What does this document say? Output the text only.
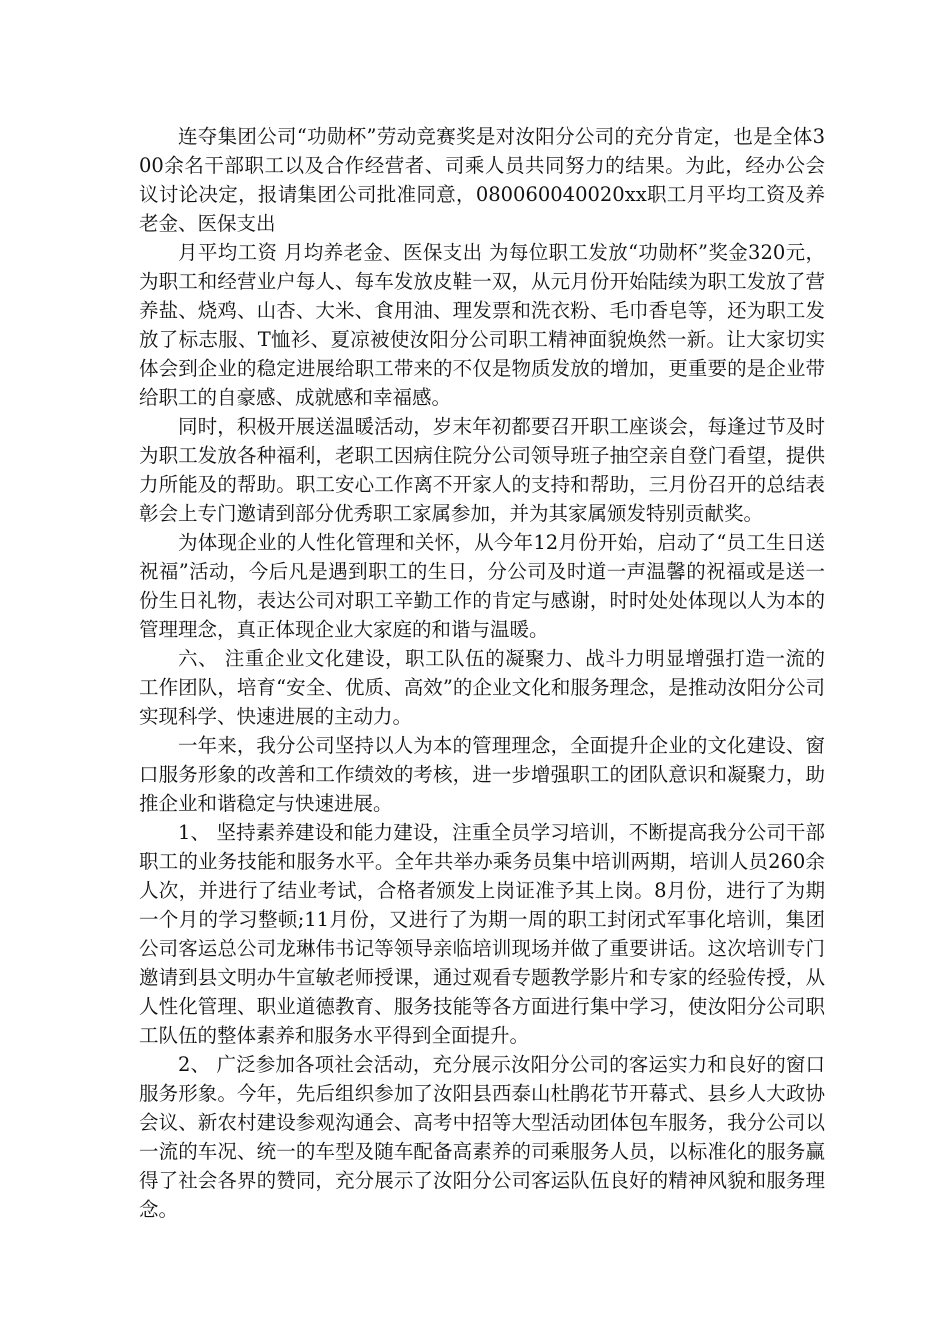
连夺集团公司“功勋杯”劳动竞赛奖是对汝阳分公司的充分肯定，也是全体300余名干部职工以及合作经营者、司乘人员共同努力的结果。为此，经办公会议讨论决定，报请集团公司批准同意，080060040020xx职工月平均工资及养老金、医保支出

月平均工资 月均养老金、医保支出 为每位职工发放“功勋杯”奖金320元，为职工和经营业户每人、每车发放皮鞋一双，从元月份开始陆续为职工发放了营养盐、烧鸡、山杏、大米、食用油、理发票和洗衣粉、毛巾香皂等，还为职工发放了标志服、T恤衫、夏凉被使汝阳分公司职工精神面貌焕然一新。让大家切实体会到企业的稳定进展给职工带来的不仅是物质发放的增加，更重要的是企业带给职工的自豪感、成就感和幸福感。

同时，积极开展送温暖活动，岁末年初都要召开职工座谈会，每逢过节及时为职工发放各种福利，老职工因病住院分公司领导班子抽空亲自登门看望，提供力所能及的帮助。职工安心工作离不开家人的支持和帮助，三月份召开的总结表彰会上专门邀请到部分优秀职工家属参加，并为其家属颁发特别贡献奖。

为体现企业的人性化管理和关怀，从今年12月份开始，启动了“员工生日送祝福”活动，今后凡是遇到职工的生日，分公司及时道一声温馨的祝福或是送一份生日礼物，表达公司对职工辛勤工作的肯定与感谢，时时处处体现以人为本的管理理念，真正体现企业大家庭的和谐与温暖。

六、 注重企业文化建设，职工队伍的凝聚力、战斗力明显增强打造一流的工作团队，培育“安全、优质、高效”的企业文化和服务理念，是推动汝阳分公司实现科学、快速进展的主动力。

一年来，我分公司坚持以人为本的管理理念，全面提升企业的文化建设、窗口服务形象的改善和工作绩效的考核，进一步增强职工的团队意识和凝聚力，助推企业和谐稳定与快速进展。

1、 坚持素养建设和能力建设，注重全员学习培训，不断提高我分公司干部职工的业务技能和服务水平。全年共举办乘务员集中培训两期，培训人员260余人次，并进行了结业考试，合格者颁发上岗证准予其上岗。8月份，进行了为期一个月的学习整顿;11月份，又进行了为期一周的职工封闭式军事化培训，集团公司客运总公司龙琳伟书记等领导亲临培训现场并做了重要讲话。这次培训专门邀请到县文明办牛宣敏老师授课，通过观看专题教学影片和专家的经验传授，从人性化管理、职业道德教育、服务技能等各方面进行集中学习，使汝阳分公司职工队伍的整体素养和服务水平得到全面提升。

2、 广泛参加各项社会活动，充分展示汝阳分公司的客运实力和良好的窗口服务形象。今年，先后组织参加了汝阳县西泰山杜鹃花节开幕式、县乡人大政协会议、新农村建设参观沟通会、高考中招等大型活动团体包车服务，我分公司以一流的车况、统一的车型及随车配备高素养的司乘服务人员，以标准化的服务赢得了社会各界的赞同，充分展示了汝阳分公司客运队伍良好的精神风貌和服务理念。
